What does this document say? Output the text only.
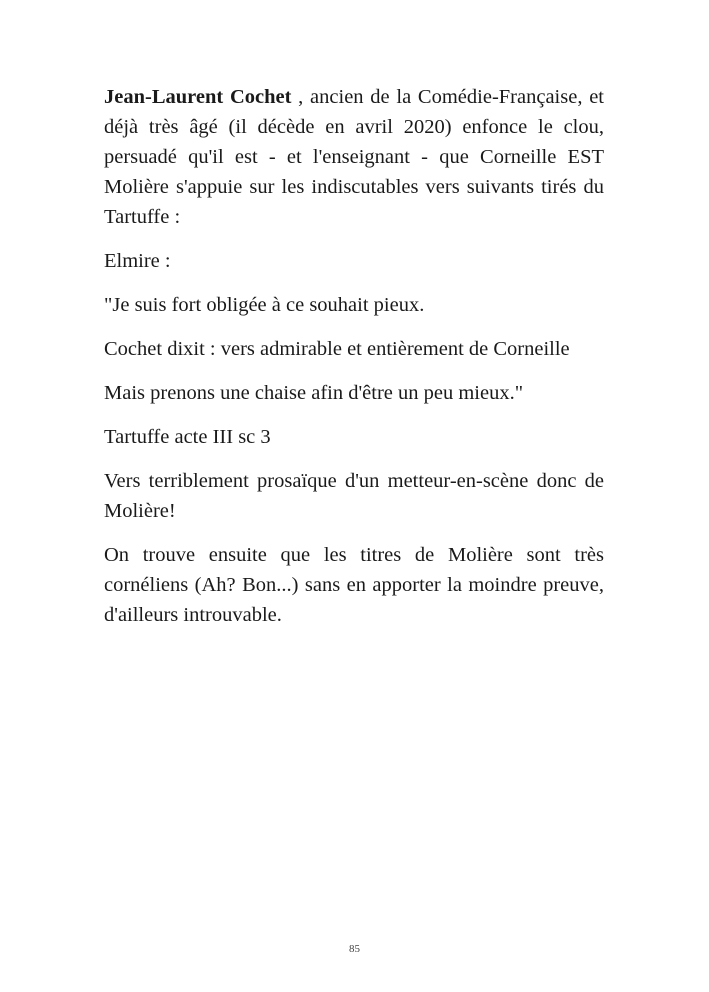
Jean-Laurent Cochet , ancien de la Comédie-Française, et déjà très âgé (il décède en avril 2020) enfonce le clou, persuadé qu'il est - et l'enseignant - que Corneille EST Molière s'appuie sur les indiscutables vers suivants tirés du Tartuffe :

Elmire :

"Je suis fort obligée à ce souhait pieux.

Cochet dixit : vers admirable et entièrement de Corneille

Mais prenons une chaise afin d'être un peu mieux."

Tartuffe acte III sc 3

Vers terriblement prosaïque d'un metteur-en-scène donc de Molière!

On trouve ensuite que les titres de Molière sont très cornéliens (Ah? Bon...) sans en apporter la moindre preuve, d'ailleurs introuvable.

85
